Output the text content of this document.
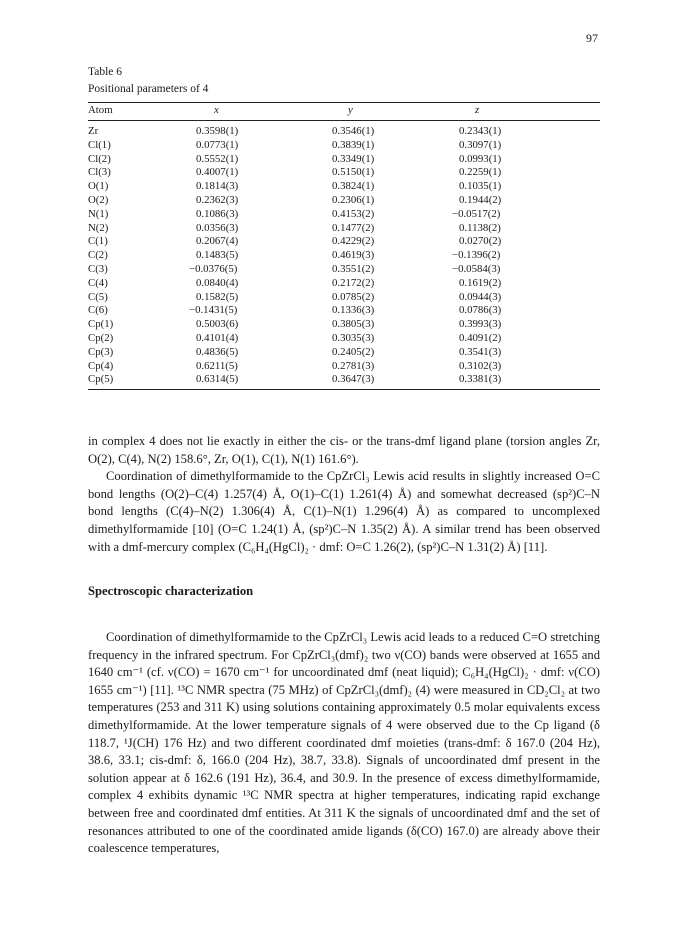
97
Table 6
Positional parameters of 4
Atom	x	y	z
Zr	0.3598(1)	0.3546(1)	0.2343(1)
Cl(1)	0.0773(1)	0.3839(1)	0.3097(1)
Cl(2)	0.5552(1)	0.3349(1)	0.0993(1)
Cl(3)	0.4007(1)	0.5150(1)	0.2259(1)
O(1)	0.1814(3)	0.3824(1)	0.1035(1)
O(2)	0.2362(3)	0.2306(1)	0.1944(2)
N(1)	0.1086(3)	0.4153(2)	−0.0517(2)
N(2)	0.0356(3)	0.1477(2)	0.1138(2)
C(1)	0.2067(4)	0.4229(2)	0.0270(2)
C(2)	0.1483(5)	0.4619(3)	−0.1396(2)
C(3)	−0.0376(5)	0.3551(2)	−0.0584(3)
C(4)	0.0840(4)	0.2172(2)	0.1619(2)
C(5)	0.1582(5)	0.0785(2)	0.0944(3)
C(6)	−0.1431(5)	0.1336(3)	0.0786(3)
Cp(1)	0.5003(6)	0.3805(3)	0.3993(3)
Cp(2)	0.4101(4)	0.3035(3)	0.4091(2)
Cp(3)	0.4836(5)	0.2405(2)	0.3541(3)
Cp(4)	0.6211(5)	0.2781(3)	0.3102(3)
Cp(5)	0.6314(5)	0.3647(3)	0.3381(3)

in complex 4 does not lie exactly in either the cis- or the trans-dmf ligand plane (torsion angles Zr, O(2), C(4), N(2) 158.6°, Zr, O(1), C(1), N(1) 161.6°).

Coordination of dimethylformamide to the CpZrCl₃ Lewis acid results in slightly increased O=C bond lengths (O(2)–C(4) 1.257(4) Å, O(1)–C(1) 1.261(4) Å) and somewhat decreased (sp²)C–N bond lengths (C(4)–N(2) 1.306(4) Å, C(1)–N(1) 1.296(4) Å) as compared to uncomplexed dimethylformamide [10] (O=C 1.24(1) Å, (sp²)C–N 1.35(2) Å). A similar trend has been observed with a dmf-mercury complex (C₆H₄(HgCl)₂ · dmf: O=C 1.26(2), (sp²)C–N 1.31(2) Å) [11].

Spectroscopic characterization

Coordination of dimethylformamide to the CpZrCl₃ Lewis acid leads to a reduced C=O stretching frequency in the infrared spectrum. For CpZrCl₃(dmf)₂ two ν(CO) bands were observed at 1655 and 1640 cm⁻¹ (cf. ν(CO) = 1670 cm⁻¹ for uncoordinated dmf (neat liquid); C₆H₄(HgCl)₂ · dmf: ν(CO) 1655 cm⁻¹) [11]. ¹³C NMR spectra (75 MHz) of CpZrCl₃(dmf)₂ (4) were measured in CD₂Cl₂ at two temperatures (253 and 311 K) using solutions containing approximately 0.5 molar equivalents excess dimethylformamide. At the lower temperature signals of 4 were observed due to the Cp ligand (δ 118.7, ¹J(CH) 176 Hz) and two different coordinated dmf moieties (trans-dmf: δ 167.0 (204 Hz), 38.6, 33.1; cis-dmf: δ, 166.0 (204 Hz), 38.7, 33.8). Signals of uncoordinated dmf present in the solution appear at δ 162.6 (191 Hz), 36.4, and 30.9. In the presence of excess dimethylformamide, complex 4 exhibits dynamic ¹³C NMR spectra at higher temperatures, indicating rapid exchange between free and coordinated dmf entities. At 311 K the signals of uncoordinated dmf and the set of resonances attributed to one of the coordinated amide ligands (δ(CO) 167.0) are already above their coalescence temperatures,
